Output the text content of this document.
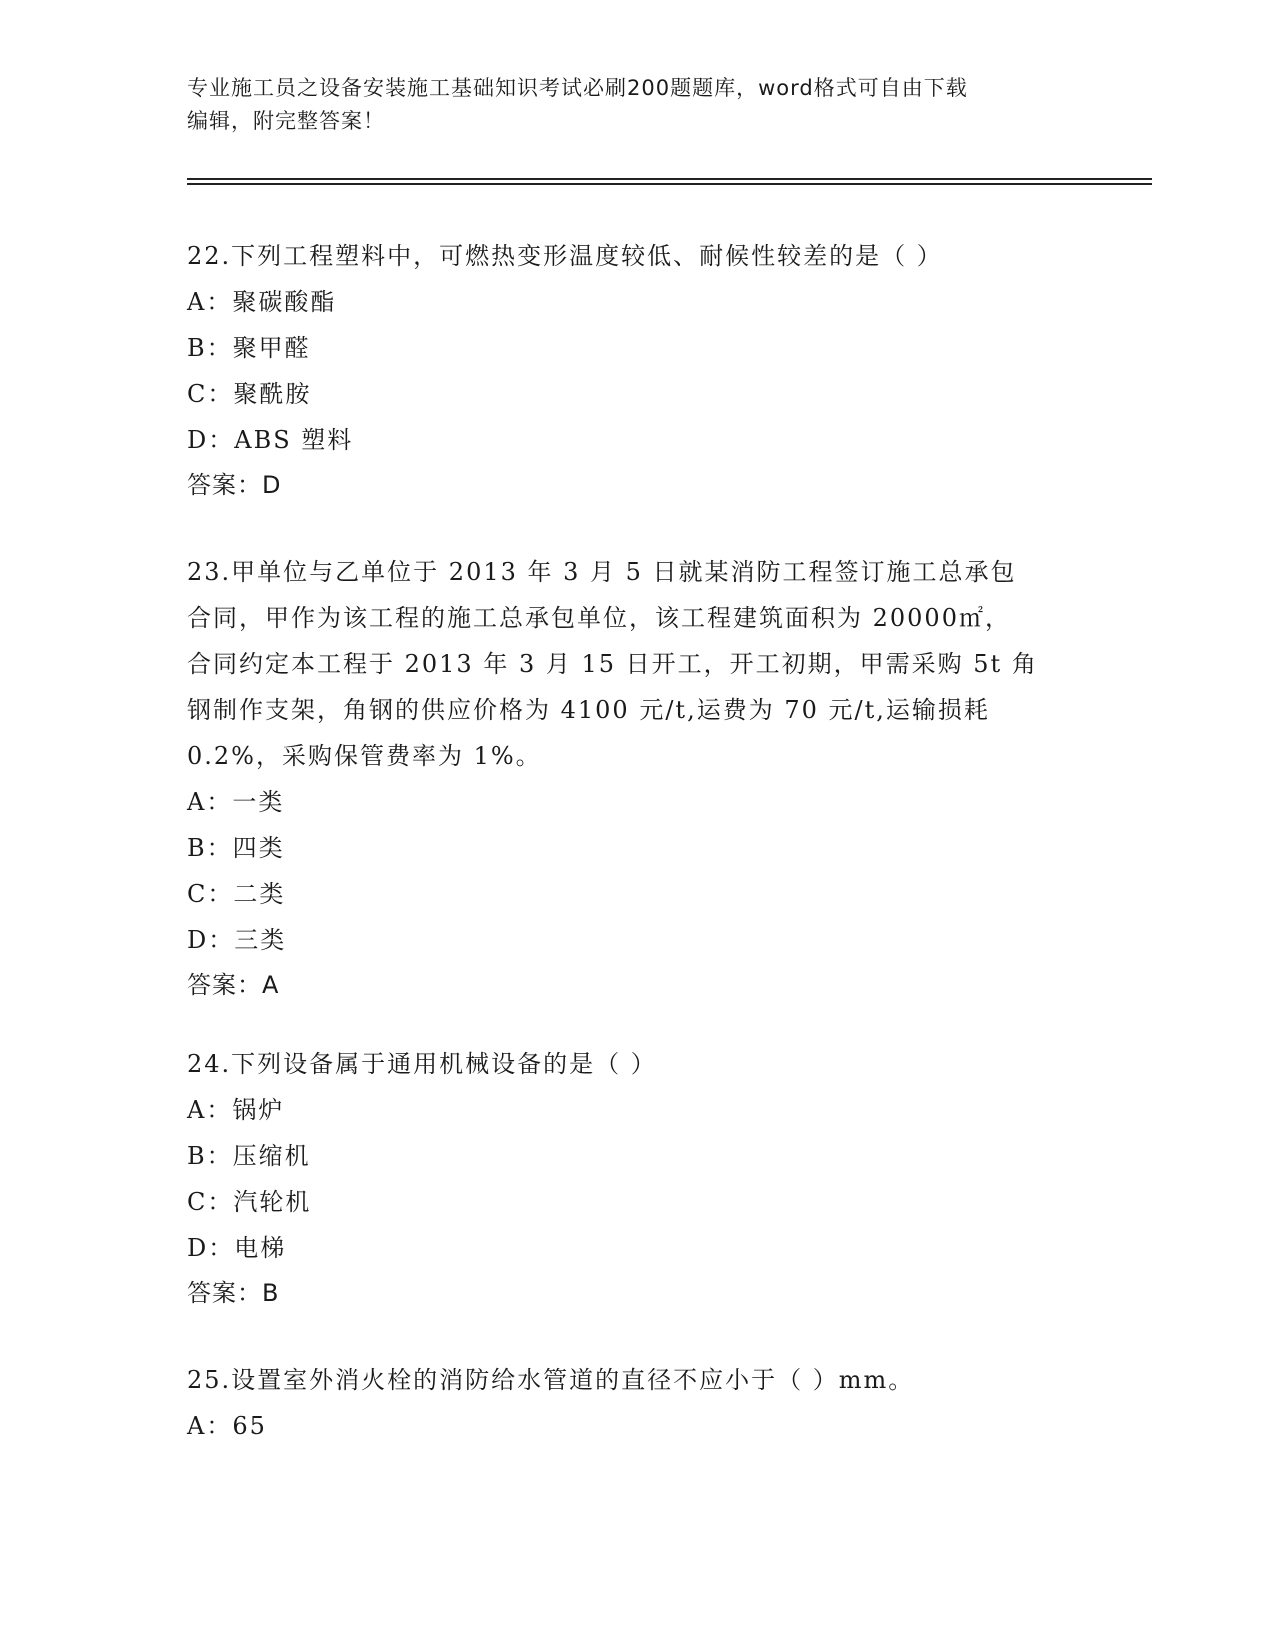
专业施工员之设备安装施工基础知识考试必刷200题题库，word格式可自由下载
编辑，附完整答案！

22.下列工程塑料中，可燃热变形温度较低、耐候性较差的是（ ）

A：聚碳酸酯

B：聚甲醛

C：聚酰胺

D：ABS 塑料

答案：D

23.甲单位与乙单位于 2013 年 3 月 5 日就某消防工程签订施工总承包

合同，甲作为该工程的施工总承包单位，该工程建筑面积为 20000㎡，

合同约定本工程于 2013 年 3 月 15 日开工，开工初期，甲需采购 5t 角

钢制作支架，角钢的供应价格为 4100 元/t,运费为 70 元/t,运输损耗

0.2%，采购保管费率为 1%。

A：一类

B：四类

C：二类

D：三类

答案：A

24.下列设备属于通用机械设备的是（ ）

A：锅炉

B：压缩机

C：汽轮机

D：电梯

答案：B

25.设置室外消火栓的消防给水管道的直径不应小于（ ）mm。

A：65
